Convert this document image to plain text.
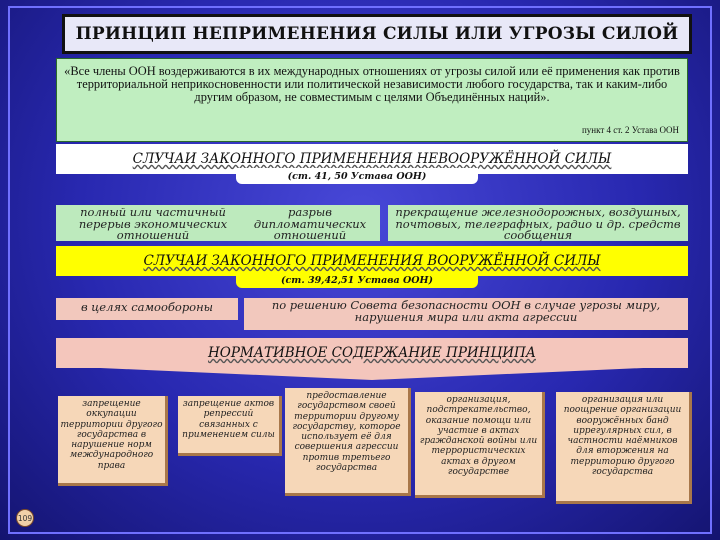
ПРИНЦИП НЕПРИМЕНЕНИЯ СИЛЫ ИЛИ УГРОЗЫ СИЛОЙ
«Все члены ООН воздерживаются в их международных отношениях от угрозы силой или её применения как против территориальной неприкосновенности или политической независимости любого государства, так и каким-либо другим образом, не совместимым с целями Объединённых наций».
пункт 4 ст. 2 Устава ООН
СЛУЧАИ ЗАКОННОГО ПРИМЕНЕНИЯ НЕВООРУЖЁННОЙ СИЛЫ
(ст. 41, 50 Устава ООН)
полный или частичный перерыв экономических отношений
разрыв дипломатических отношений
прекращение железнодорожных, воздушных, почтовых, телеграфных, радио и др. средств сообщения
СЛУЧАИ ЗАКОННОГО ПРИМЕНЕНИЯ ВООРУЖЁННОЙ СИЛЫ
(ст. 39,42,51 Устава ООН)
в целях самообороны	по решению Совета безопасности ООН в случае угрозы миру, нарушения мира или акта агрессии
НОРМАТИВНОЕ СОДЕРЖАНИЕ ПРИНЦИПА
запрещение оккупации территории другого государства в нарушение норм международного права
запрещение актов репрессий связанных с применением силы
предоставление государством своей территории другому государству, которое использует её для совершения агрессии против третьего государства
организация, подстрекательство, оказание помощи или участие в актах гражданской войны или террористических актах в другом государстве
организация или поощрение организации вооружённых банд иррегулярных сил, в частности наёмников для вторжения на территорию другого государства
109
